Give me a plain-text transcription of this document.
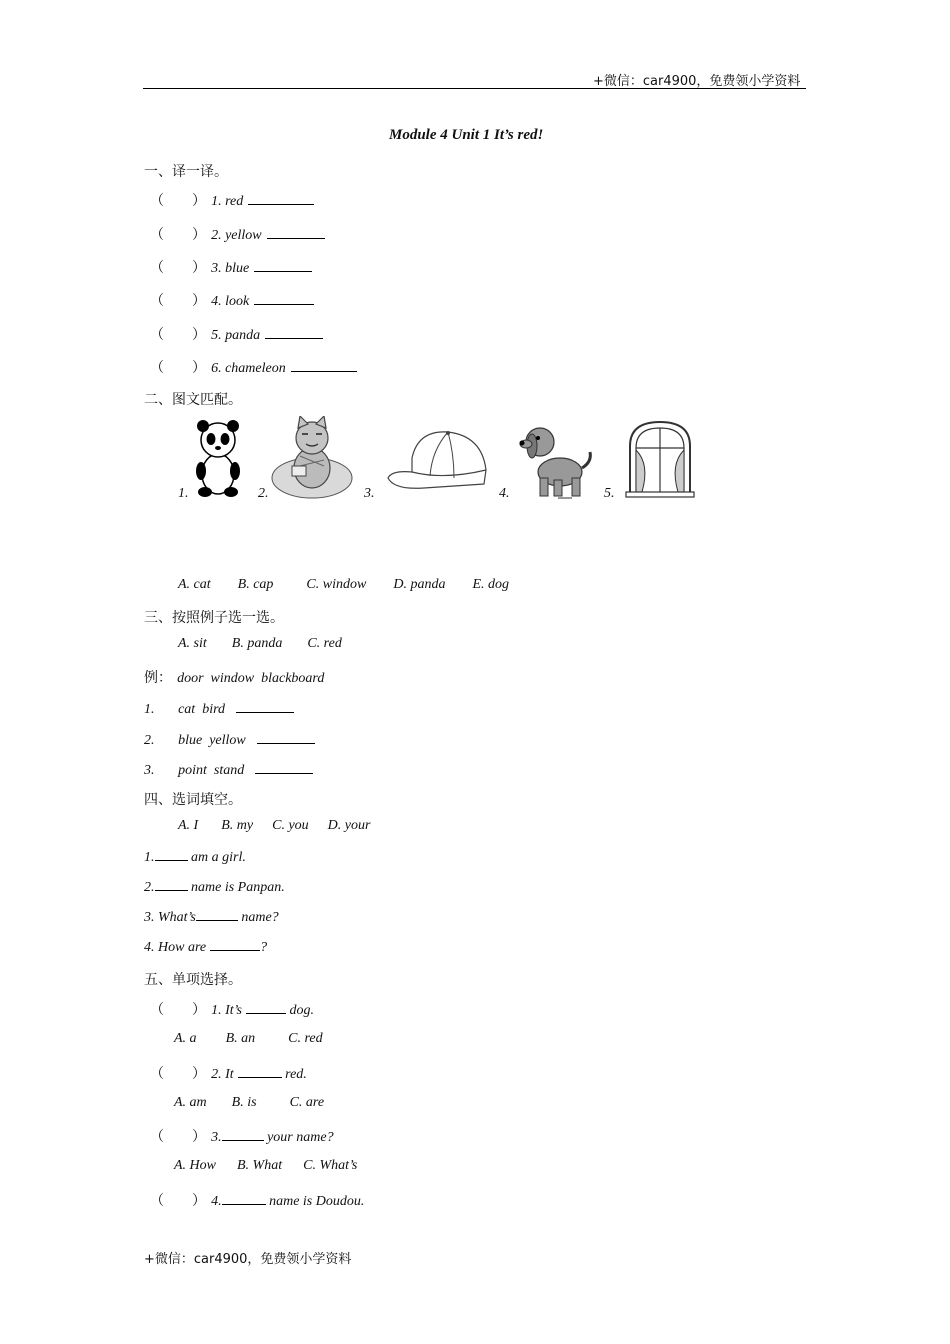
+微信：car4900，免费领小学资料
Module 4 Unit 1 It’s red!
一、译一译。
（　　） 1. red
（　　） 2. yellow
（　　） 3. blue
（　　） 4. look
（　　） 5. panda
（　　） 6. chameleon
二、图文匹配。
1.	2.	3.	4.	5.
A. cat B. cap C. window D. panda E. dog
三、按照例子选一选。
A. sit B. panda C. red
例： door  window  blackboard
1. cat  bird
2. blue  yellow
3. point  stand
四、选词填空。
A. I B. my C. you D. your
1. am a girl.
2. name is Panpan.
3. What’s	name?
4. How are	?
五、单项选择。
（　　） 1. It’s	dog.
A. a B. an C. red
（　　） 2. It	red.
A. am B. is C. are
（　　） 3.	your name?
A. How B. What C. What’s
（　　） 4.	name is Doudou.
+微信：car4900，免费领小学资料
